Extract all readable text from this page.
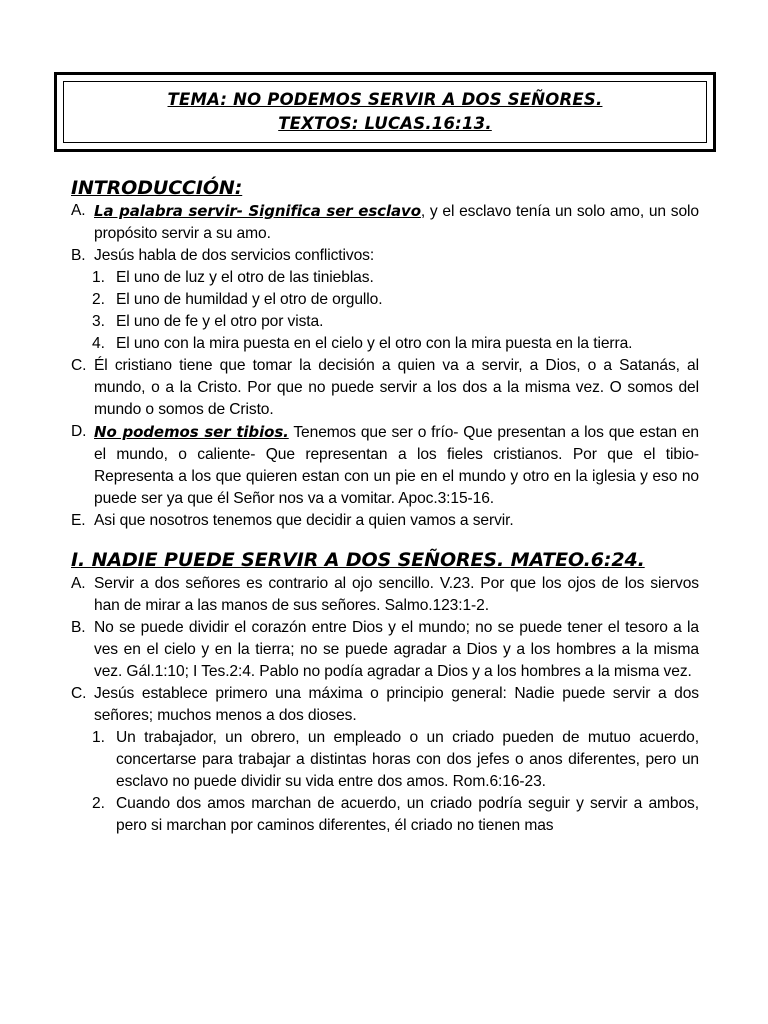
TEMA: NO PODEMOS SERVIR A DOS SEÑORES.
TEXTOS: LUCAS.16:13.
INTRODUCCIÓN:
A. La palabra servir- Significa ser esclavo, y el esclavo tenía un solo amo, un solo propósito servir a su amo.
B. Jesús habla de dos servicios conflictivos:
1. El uno de luz y el otro de las tinieblas.
2. El uno de humildad y el otro de orgullo.
3. El uno de fe y el otro por vista.
4. El uno con la mira puesta en el cielo y el otro con la mira puesta en la tierra.
C. Él cristiano tiene que tomar la decisión a quien va a servir, a Dios, o a Satanás, al mundo, o a la Cristo. Por que no puede servir a los dos a la misma vez. O somos del mundo o somos de Cristo.
D. No podemos ser tibios. Tenemos que ser o frío- Que presentan a los que estan en el mundo, o caliente- Que representan a los fieles cristianos. Por que el tibio- Representa a los que quieren estan con un pie en el mundo y otro en la iglesia y eso no puede ser ya que él Señor nos va a vomitar. Apoc.3:15-16.
E. Asi que nosotros tenemos que decidir a quien vamos a servir.
I. NADIE PUEDE SERVIR A DOS SEÑORES. MATEO.6:24.
A. Servir a dos señores es contrario al ojo sencillo. V.23. Por que los ojos de los siervos han de mirar a las manos de sus señores. Salmo.123:1-2.
B. No se puede dividir el corazón entre Dios y el mundo; no se puede tener el tesoro a la ves en el cielo y en la tierra; no se puede agradar a Dios y a los hombres a la misma vez. Gál.1:10; I Tes.2:4. Pablo no podía agradar a Dios y a los hombres a la misma vez.
C. Jesús establece primero una máxima o principio general: Nadie puede servir a dos señores; muchos menos a dos dioses.
1. Un trabajador, un obrero, un empleado o un criado pueden de mutuo acuerdo, concertarse para trabajar a distintas horas con dos jefes o anos diferentes, pero un esclavo no puede dividir su vida entre dos amos. Rom.6:16-23.
2. Cuando dos amos marchan de acuerdo, un criado podría seguir y servir a ambos, pero si marchan por caminos diferentes, él criado no tienen mas
